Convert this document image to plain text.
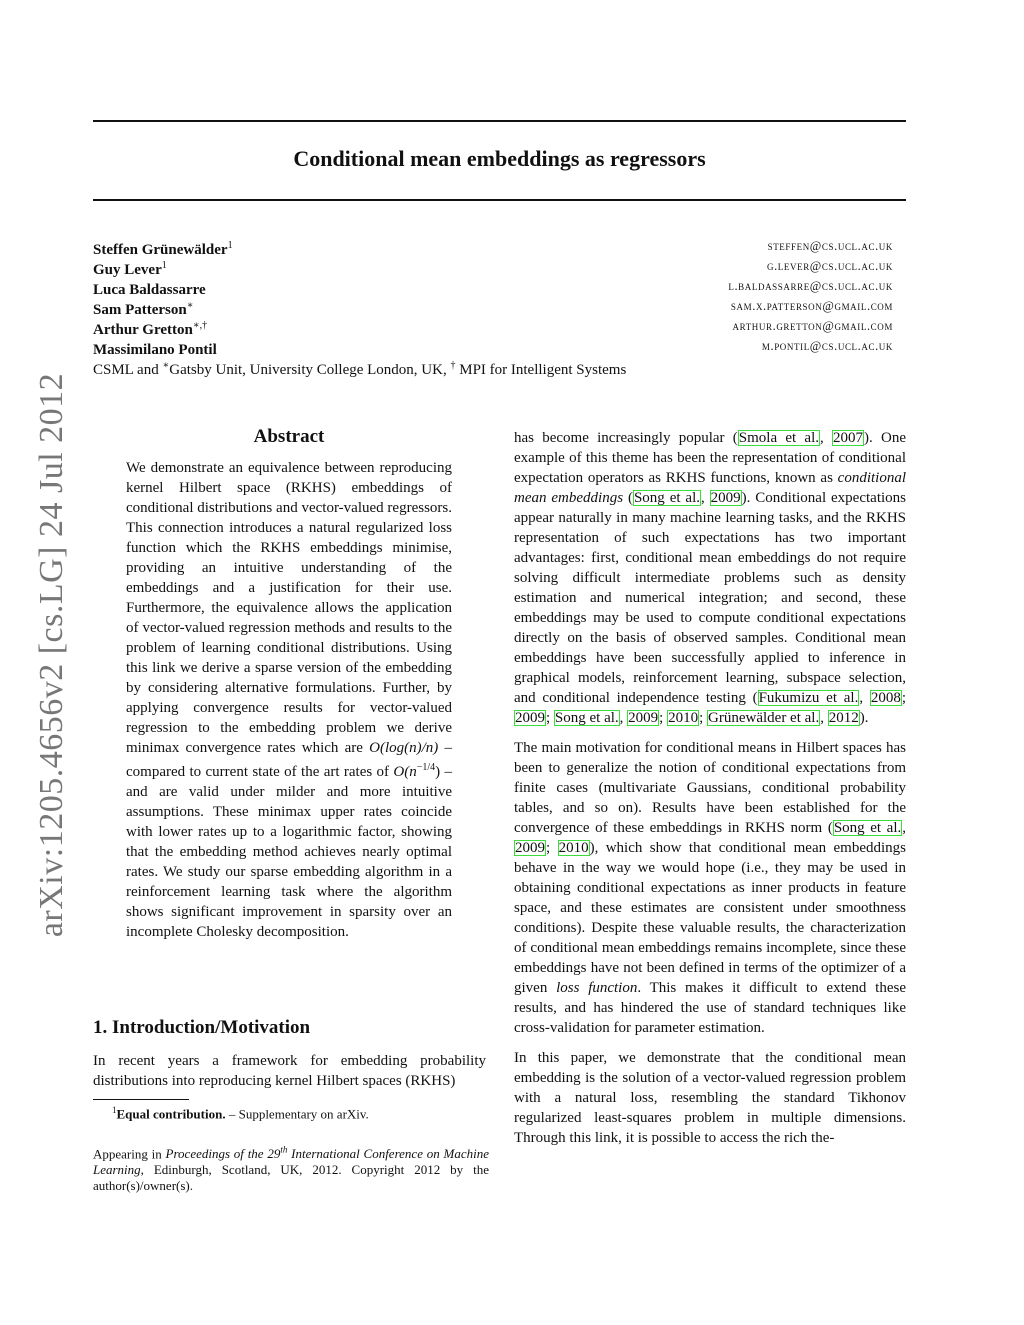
arXiv:1205.4656v2 [cs.LG] 24 Jul 2012
Conditional mean embeddings as regressors
Steffen Grünewälder$^1$	steffen@cs.ucl.ac.uk
Guy Lever$^1$	g.lever@cs.ucl.ac.uk
Luca Baldassarre	l.baldassarre@cs.ucl.ac.uk
Sam Patterson∗	sam.x.patterson@gmail.com
Arthur Gretton∗,†	arthur.gretton@gmail.com
Massimilano Pontil	m.pontil@cs.ucl.ac.uk
CSML and ∗Gatsby Unit, University College London, UK, † MPI for Intelligent Systems
Abstract
We demonstrate an equivalence between reproducing kernel Hilbert space (RKHS) embeddings of conditional distributions and vector-valued regressors. This connection introduces a natural regularized loss function which the RKHS embeddings minimise, providing an intuitive understanding of the embeddings and a justification for their use. Furthermore, the equivalence allows the application of vector-valued regression methods and results to the problem of learning conditional distributions. Using this link we derive a sparse version of the embedding by considering alternative formulations. Further, by applying convergence results for vector-valued regression to the embedding problem we derive minimax convergence rates which are O(log(n)/n) – compared to current state of the art rates of $O(n^{-1/4})$ – and are valid under milder and more intuitive assumptions. These minimax upper rates coincide with lower rates up to a logarithmic factor, showing that the embedding method achieves nearly optimal rates. We study our sparse embedding algorithm in a reinforcement learning task where the algorithm shows significant improvement in sparsity over an incomplete Cholesky decomposition.
1. Introduction/Motivation
In recent years a framework for embedding probability distributions into reproducing kernel Hilbert spaces (RKHS)
$^1$Equal contribution. – Supplementary on arXiv.
Appearing in Proceedings of the 29th International Conference on Machine Learning, Edinburgh, Scotland, UK, 2012. Copyright 2012 by the author(s)/owner(s).

has become increasingly popular (Smola et al., 2007). One example of this theme has been the representation of conditional expectation operators as RKHS functions, known as conditional mean embeddings (Song et al., 2009). Conditional expectations appear naturally in many machine learning tasks, and the RKHS representation of such expectations has two important advantages: first, conditional mean embeddings do not require solving difficult intermediate problems such as density estimation and numerical integration; and second, these embeddings may be used to compute conditional expectations directly on the basis of observed samples. Conditional mean embeddings have been successfully applied to inference in graphical models, reinforcement learning, subspace selection, and conditional independence testing (Fukumizu et al., 2008; 2009; Song et al., 2009; 2010; Grünewälder et al., 2012).

The main motivation for conditional means in Hilbert spaces has been to generalize the notion of conditional expectations from finite cases (multivariate Gaussians, conditional probability tables, and so on). Results have been established for the convergence of these embeddings in RKHS norm (Song et al., 2009; 2010), which show that conditional mean embeddings behave in the way we would hope (i.e., they may be used in obtaining conditional expectations as inner products in feature space, and these estimates are consistent under smoothness conditions). Despite these valuable results, the characterization of conditional mean embeddings remains incomplete, since these embeddings have not been defined in terms of the optimizer of a given loss function. This makes it difficult to extend these results, and has hindered the use of standard techniques like cross-validation for parameter estimation.

In this paper, we demonstrate that the conditional mean embedding is the solution of a vector-valued regression problem with a natural loss, resembling the standard Tikhonov regularized least-squares problem in multiple dimensions. Through this link, it is possible to access the rich the-
